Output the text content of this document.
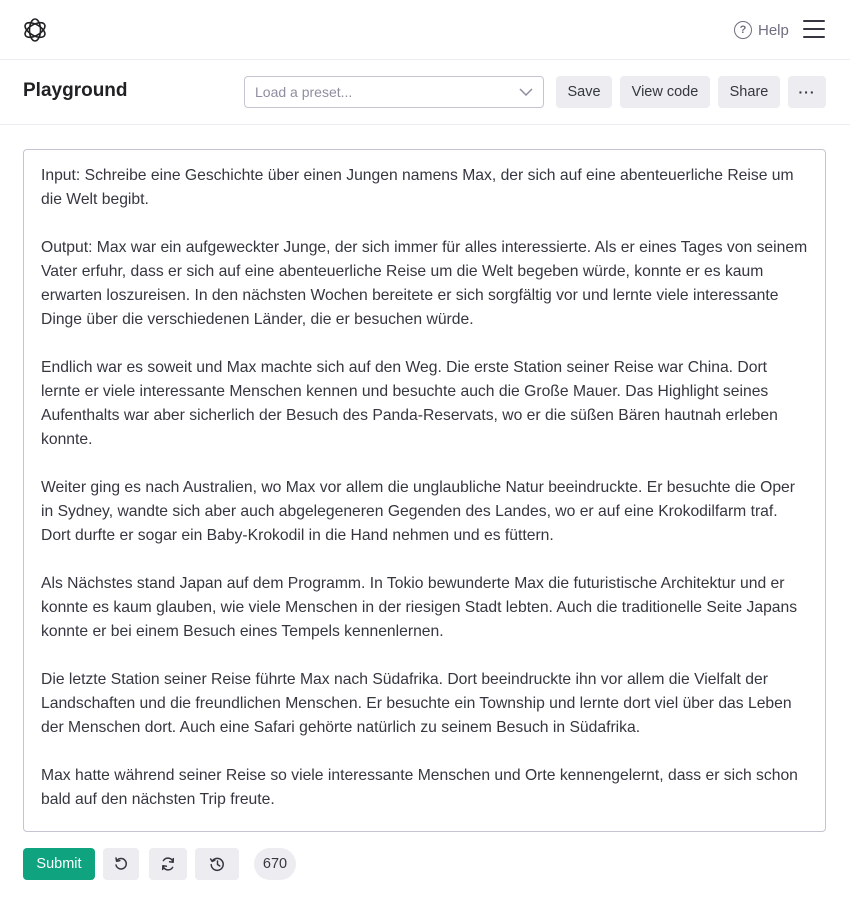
? Help
Playground	Load a preset...	Save	View code	Share	···

Input: Schreibe eine Geschichte über einen Jungen namens Max, der sich auf eine abenteuerliche Reise um die Welt begibt.

Output: Max war ein aufgeweckter Junge, der sich immer für alles interessierte. Als er eines Tages von seinem Vater erfuhr, dass er sich auf eine abenteuerliche Reise um die Welt begeben würde, konnte er es kaum erwarten loszureisen. In den nächsten Wochen bereitete er sich sorgfältig vor und lernte viele interessante Dinge über die verschiedenen Länder, die er besuchen würde.

Endlich war es soweit und Max machte sich auf den Weg. Die erste Station seiner Reise war China. Dort lernte er viele interessante Menschen kennen und besuchte auch die Große Mauer. Das Highlight seines Aufenthalts war aber sicherlich der Besuch des Panda-Reservats, wo er die süßen Bären hautnah erleben konnte.

Weiter ging es nach Australien, wo Max vor allem die unglaubliche Natur beeindruckte. Er besuchte die Oper in Sydney, wandte sich aber auch abgelegeneren Gegenden des Landes, wo er auf eine Krokodilfarm traf. Dort durfte er sogar ein Baby-Krokodil in die Hand nehmen und es füttern.

Als Nächstes stand Japan auf dem Programm. In Tokio bewunderte Max die futuristische Architektur und er konnte es kaum glauben, wie viele Menschen in der riesigen Stadt lebten. Auch die traditionelle Seite Japans konnte er bei einem Besuch eines Tempels kennenlernen.

Die letzte Station seiner Reise führte Max nach Südafrika. Dort beeindruckte ihn vor allem die Vielfalt der Landschaften und die freundlichen Menschen. Er besuchte ein Township und lernte dort viel über das Leben der Menschen dort. Auch eine Safari gehörte natürlich zu seinem Besuch in Südafrika.

Max hatte während seiner Reise so viele interessante Menschen und Orte kennengelernt, dass er sich schon bald auf den nächsten Trip freute.

Submit	670
